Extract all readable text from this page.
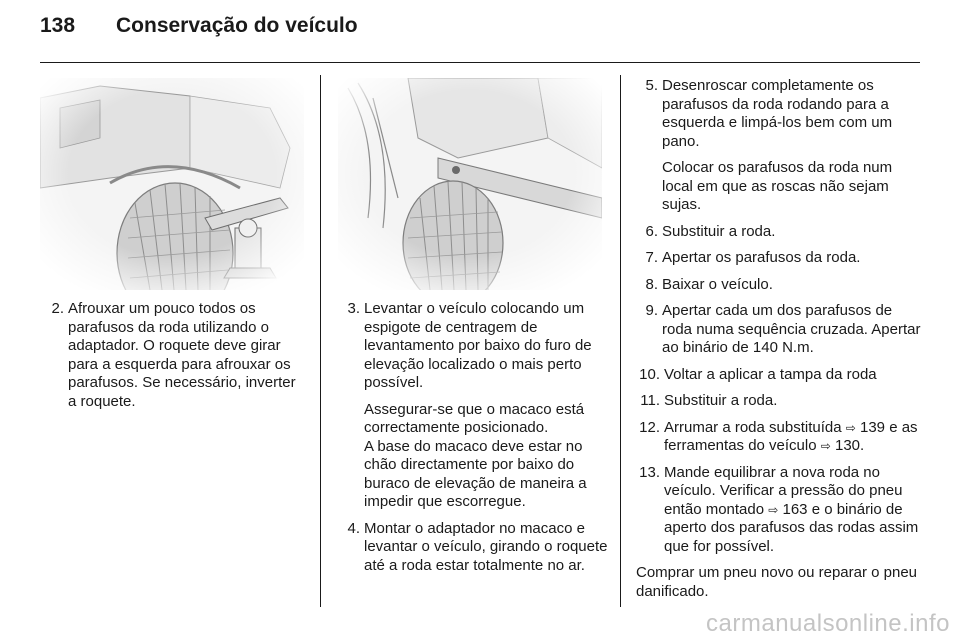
138 Conservação do veículo
2. Afrouxar um pouco todos os parafusos da roda utilizando o adaptador. O roquete deve girar para a esquerda para afrouxar os parafusos. Se necessário, inverter a roquete.
3. Levantar o veículo colocando um espigote de centragem de levantamento por baixo do furo de elevação localizado o mais perto possível.
Assegurar-se que o macaco está correctamente posicionado.
A base do macaco deve estar no chão directamente por baixo do buraco de elevação de maneira a impedir que escorregue.
4. Montar o adaptador no macaco e levantar o veículo, girando o roquete até a roda estar totalmente no ar.
5. Desenroscar completamente os parafusos da roda rodando para a esquerda e limpá-los bem com um pano.
Colocar os parafusos da roda num local em que as roscas não sejam sujas.
6. Substituir a roda.
7. Apertar os parafusos da roda.
8. Baixar o veículo.
9. Apertar cada um dos parafusos de roda numa sequência cruzada. Apertar ao binário de 140 N.m.
10. Voltar a aplicar a tampa da roda
11. Substituir a roda.
12. Arrumar a roda substituída ⇨ 139 e as ferramentas do veículo ⇨ 130.
13. Mande equilibrar a nova roda no veículo. Verificar a pressão do pneu então montado ⇨ 163 e o binário de aperto dos parafusos das rodas assim que for possível.

Comprar um pneu novo ou reparar o pneu danificado.

carmanualsonline.info
